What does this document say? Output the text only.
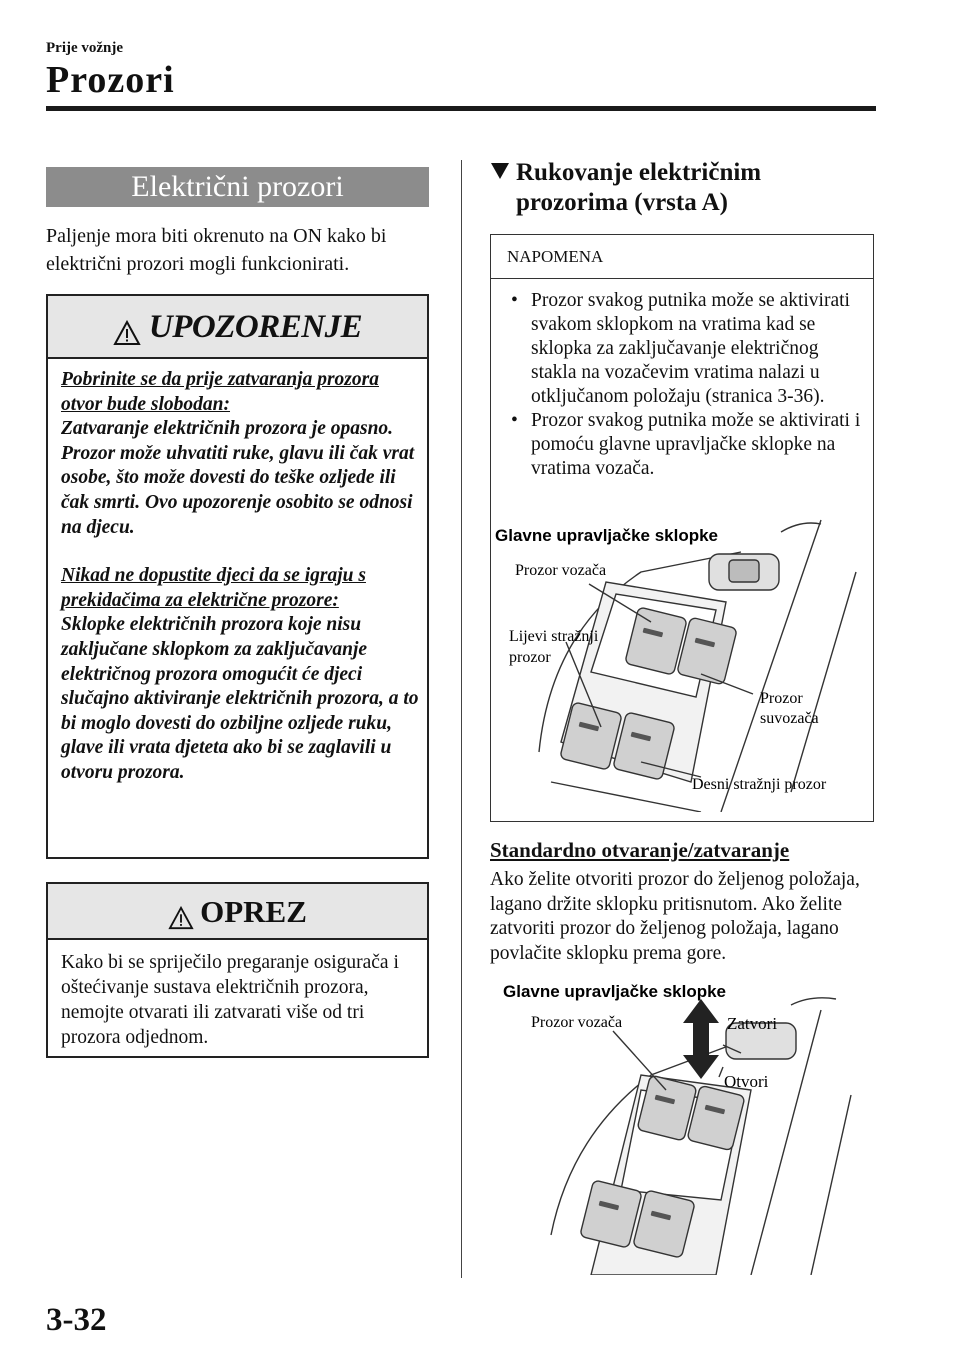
Prije vožnje
Prozori
Električni prozori
Paljenje mora biti okrenuto na ON kako bi električni prozori mogli funkcionirati.
UPOZORENJE

Pobrinite se da prije zatvaranja prozora otvor bude slobodan:
Zatvaranje električnih prozora je opasno. Prozor može uhvatiti ruke, glavu ili čak vrat osobe, što može dovesti do teške ozljede ili čak smrti. Ovo upozorenje osobito se odnosi na djecu.

Nikad ne dopustite djeci da se igraju s prekidačima za električne prozore:
Sklopke električnih prozora koje nisu zaključane sklopkom za zaključavanje električnog prozora omogućit će djeci slučajno aktiviranje električnih prozora, a to bi moglo dovesti do ozbiljne ozljede ruku, glave ili vrata djeteta ako bi se zaglavili u otvoru prozora.

OPREZ
Kako bi se spriječilo pregaranje osigurača i oštećivanje sustava električnih prozora, nemojte otvarati ili zatvarati više od tri prozora odjednom.
Rukovanje električnim prozorima (vrsta A)
NAPOMENA
• Prozor svakog putnika može se aktivirati svakom sklopkom na vratima kad se sklopka za zaključavanje električnog stakla na vozačevim vratima nalazi u otključanom položaju (stranica 3-36).
• Prozor svakog putnika može se aktivirati i pomoću glavne upravljačke sklopke na vratima vozača.
Glavne upravljačke sklopke
Prozor vozača
Lijevi stražnji
prozor
Prozor
suvozača
Desni stražnji prozor
Standardno otvaranje/zatvaranje
Ako želite otvoriti prozor do željenog položaja, lagano držite sklopku pritisnutom. Ako želite zatvoriti prozor do željenog položaja, lagano povlačite sklopku prema gore.
Glavne upravljačke sklopke
Prozor vozača	Zatvori
Otvori
3-32
